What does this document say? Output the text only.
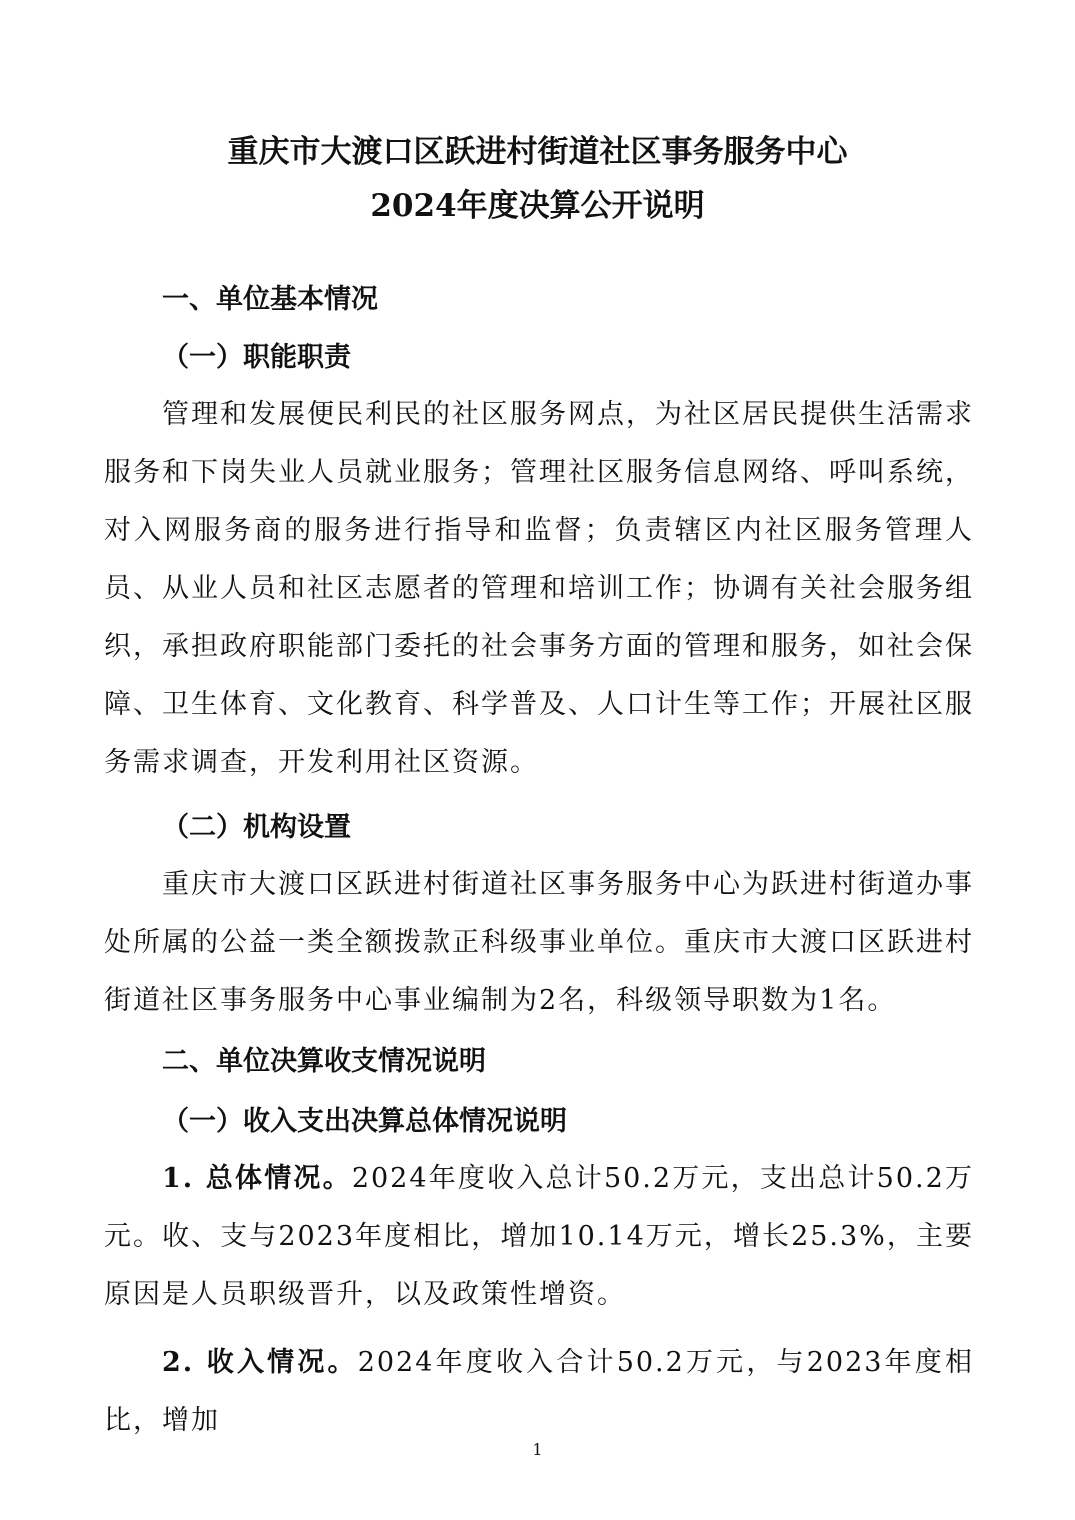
重庆市大渡口区跃进村街道社区事务服务中心
2024年度决算公开说明
一、单位基本情况
（一）职能职责
管理和发展便民利民的社区服务网点，为社区居民提供生活需求服务和下岗失业人员就业服务；管理社区服务信息网络、呼叫系统，对入网服务商的服务进行指导和监督；负责辖区内社区服务管理人员、从业人员和社区志愿者的管理和培训工作；协调有关社会服务组织，承担政府职能部门委托的社会事务方面的管理和服务，如社会保障、卫生体育、文化教育、科学普及、人口计生等工作；开展社区服务需求调查，开发利用社区资源。
（二）机构设置
重庆市大渡口区跃进村街道社区事务服务中心为跃进村街道办事处所属的公益一类全额拨款正科级事业单位。重庆市大渡口区跃进村街道社区事务服务中心事业编制为2名，科级领导职数为1名。
二、单位决算收支情况说明
（一）收入支出决算总体情况说明
1. 总体情况。2024年度收入总计50.2万元，支出总计50.2万元。收、支与2023年度相比，增加10.14万元，增长25.3%，主要原因是人员职级晋升，以及政策性增资。
2. 收入情况。2024年度收入合计50.2万元，与2023年度相比，增加
1
